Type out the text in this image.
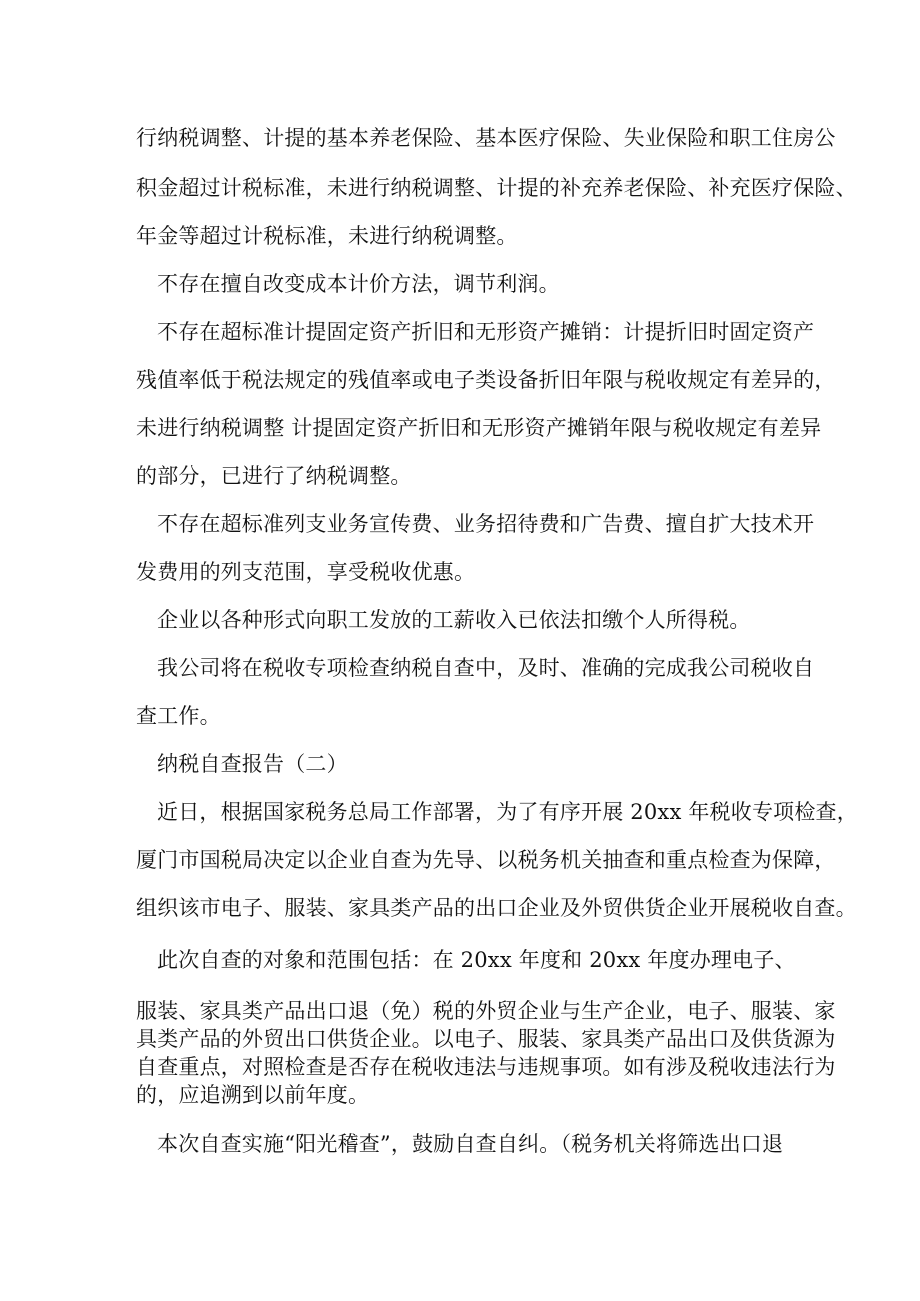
行纳税调整、计提的基本养老保险、基本医疗保险、失业保险和职工住房公
积金超过计税标准，未进行纳税调整、计提的补充养老保险、补充医疗保险、
年金等超过计税标准，未进行纳税调整。
不存在擅自改变成本计价方法，调节利润。
不存在超标准计提固定资产折旧和无形资产摊销：计提折旧时固定资产
残值率低于税法规定的残值率或电子类设备折旧年限与税收规定有差异的，
未进行纳税调整 计提固定资产折旧和无形资产摊销年限与税收规定有差异
的部分，已进行了纳税调整。
不存在超标准列支业务宣传费、业务招待费和广告费、擅自扩大技术开
发费用的列支范围，享受税收优惠。
企业以各种形式向职工发放的工薪收入已依法扣缴个人所得税。
我公司将在税收专项检查纳税自查中，及时、准确的完成我公司税收自
查工作。
纳税自查报告（二）
近日，根据国家税务总局工作部署，为了有序开展 20xx 年税收专项检查，
厦门市国税局决定以企业自查为先导、以税务机关抽查和重点检查为保障，
组织该市电子、服装、家具类产品的出口企业及外贸供货企业开展税收自查。
此次自查的对象和范围包括：在 20xx 年度和 20xx 年度办理电子、
服装、家具类产品出口退（免）税的外贸企业与生产企业，电子、服装、家
具类产品的外贸出口供货企业。以电子、服装、家具类产品出口及供货源为
自查重点，对照检查是否存在税收违法与违规事项。如有涉及税收违法行为
的，应追溯到以前年度。
本次自查实施“阳光稽查”，鼓励自查自纠。（税务机关将筛选出口退
